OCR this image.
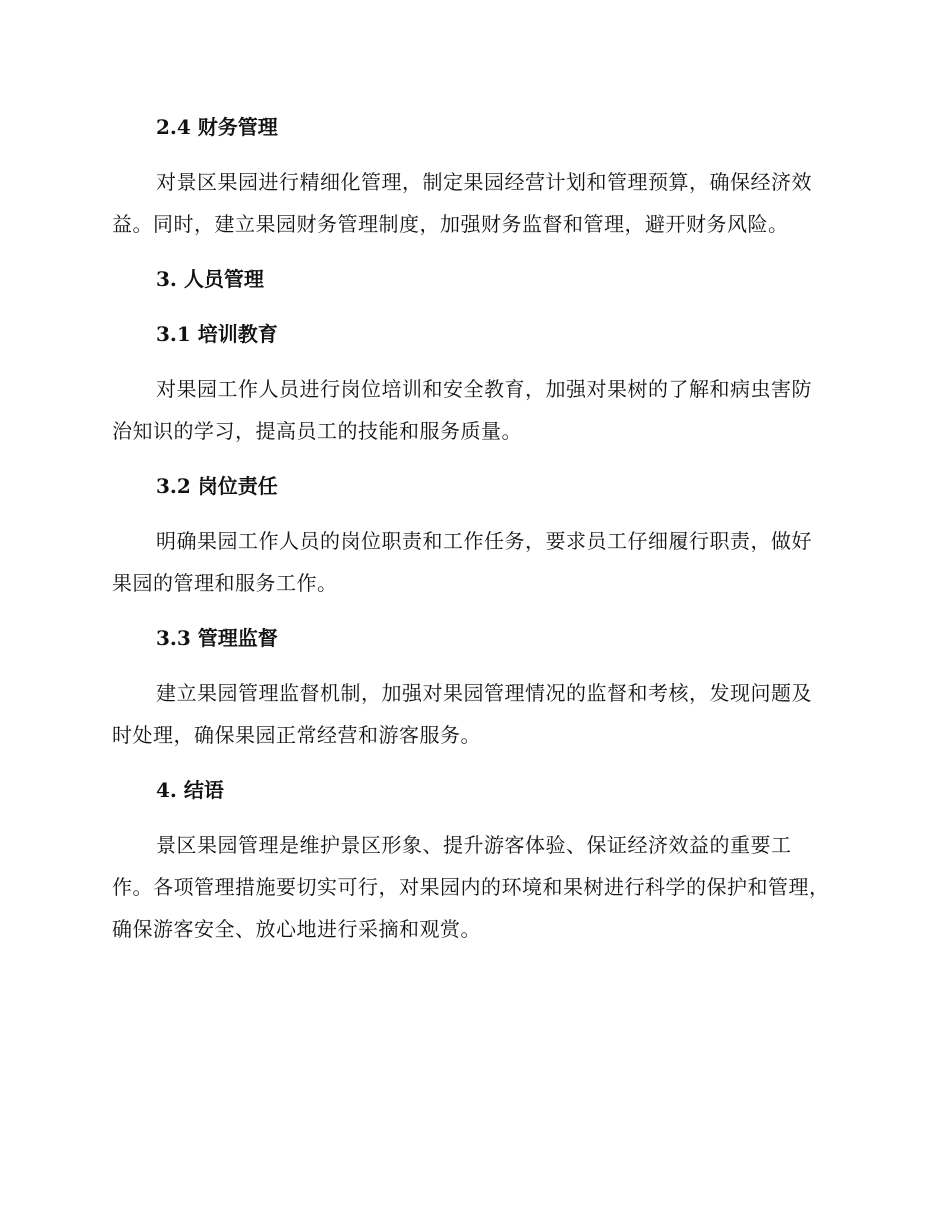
2.4 财务管理

对景区果园进行精细化管理，制定果园经营计划和管理预算，确保经济效益。同时，建立果园财务管理制度，加强财务监督和管理，避开财务风险。

3. 人员管理
3.1 培训教育

对果园工作人员进行岗位培训和安全教育，加强对果树的了解和病虫害防治知识的学习，提高员工的技能和服务质量。

3.2 岗位责任

明确果园工作人员的岗位职责和工作任务，要求员工仔细履行职责，做好果园的管理和服务工作。

3.3 管理监督

建立果园管理监督机制，加强对果园管理情况的监督和考核，发现问题及时处理，确保果园正常经营和游客服务。

4. 结语

景区果园管理是维护景区形象、提升游客体验、保证经济效益的重要工作。各项管理措施要切实可行，对果园内的环境和果树进行科学的保护和管理，确保游客安全、放心地进行采摘和观赏。
